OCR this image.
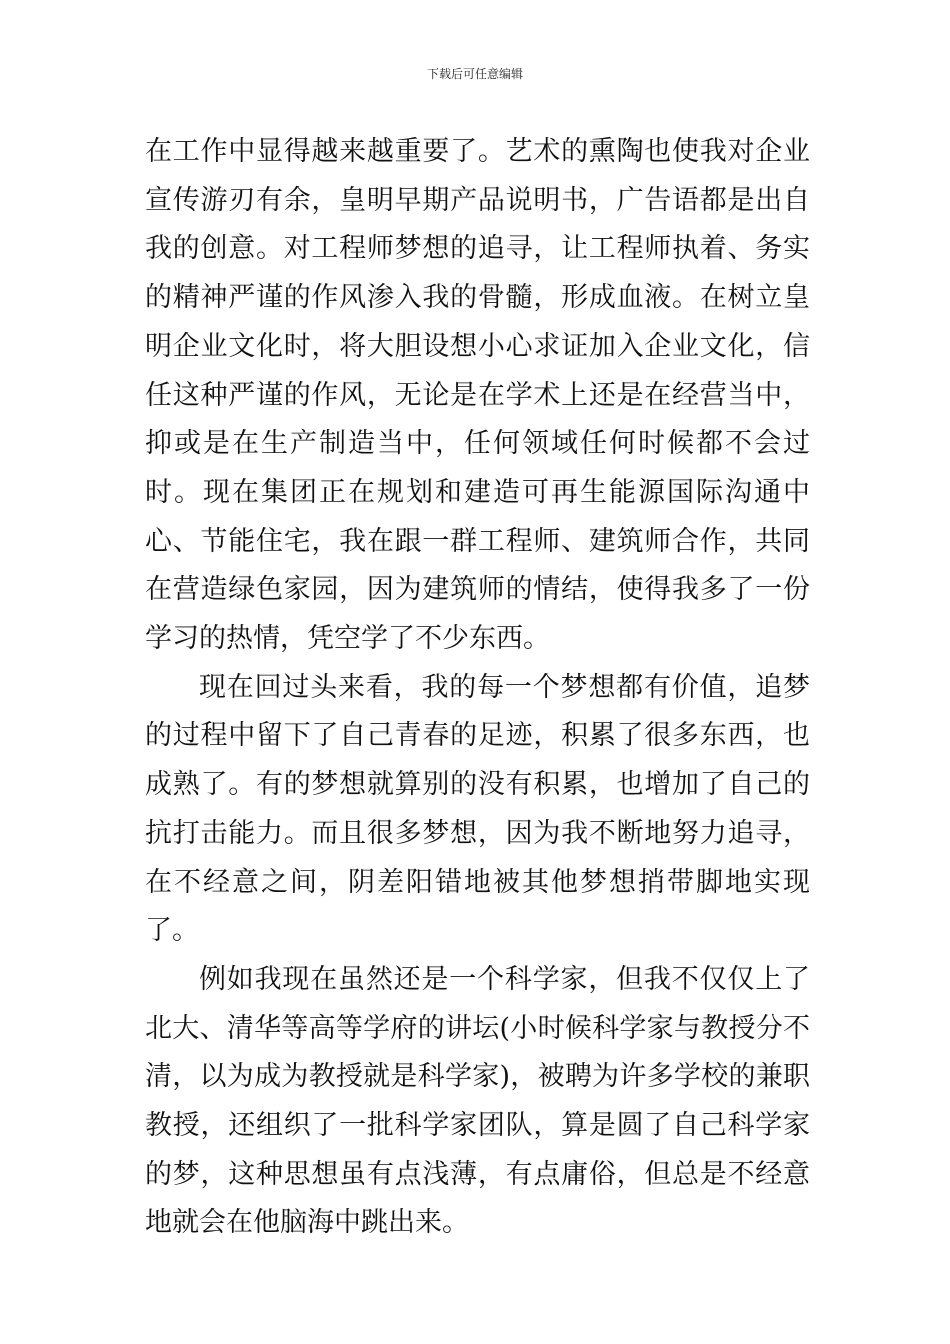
下载后可任意编辑

在工作中显得越来越重要了。艺术的熏陶也使我对企业宣传游刃有余，皇明早期产品说明书，广告语都是出自我的创意。对工程师梦想的追寻，让工程师执着、务实的精神严谨的作风渗入我的骨髓，形成血液。在树立皇明企业文化时，将大胆设想小心求证加入企业文化，信任这种严谨的作风，无论是在学术上还是在经营当中，抑或是在生产制造当中，任何领域任何时候都不会过时。现在集团正在规划和建造可再生能源国际沟通中心、节能住宅，我在跟一群工程师、建筑师合作，共同在营造绿色家园，因为建筑师的情结，使得我多了一份学习的热情，凭空学了不少东西。

现在回过头来看，我的每一个梦想都有价值，追梦的过程中留下了自己青春的足迹，积累了很多东西，也成熟了。有的梦想就算别的没有积累，也增加了自己的抗打击能力。而且很多梦想，因为我不断地努力追寻，在不经意之间，阴差阳错地被其他梦想捎带脚地实现了。

例如我现在虽然还是一个科学家，但我不仅仅上了北大、清华等高等学府的讲坛(小时候科学家与教授分不清，以为成为教授就是科学家)，被聘为许多学校的兼职教授，还组织了一批科学家团队，算是圆了自己科学家的梦，这种思想虽有点浅薄，有点庸俗，但总是不经意地就会在他脑海中跳出来。
